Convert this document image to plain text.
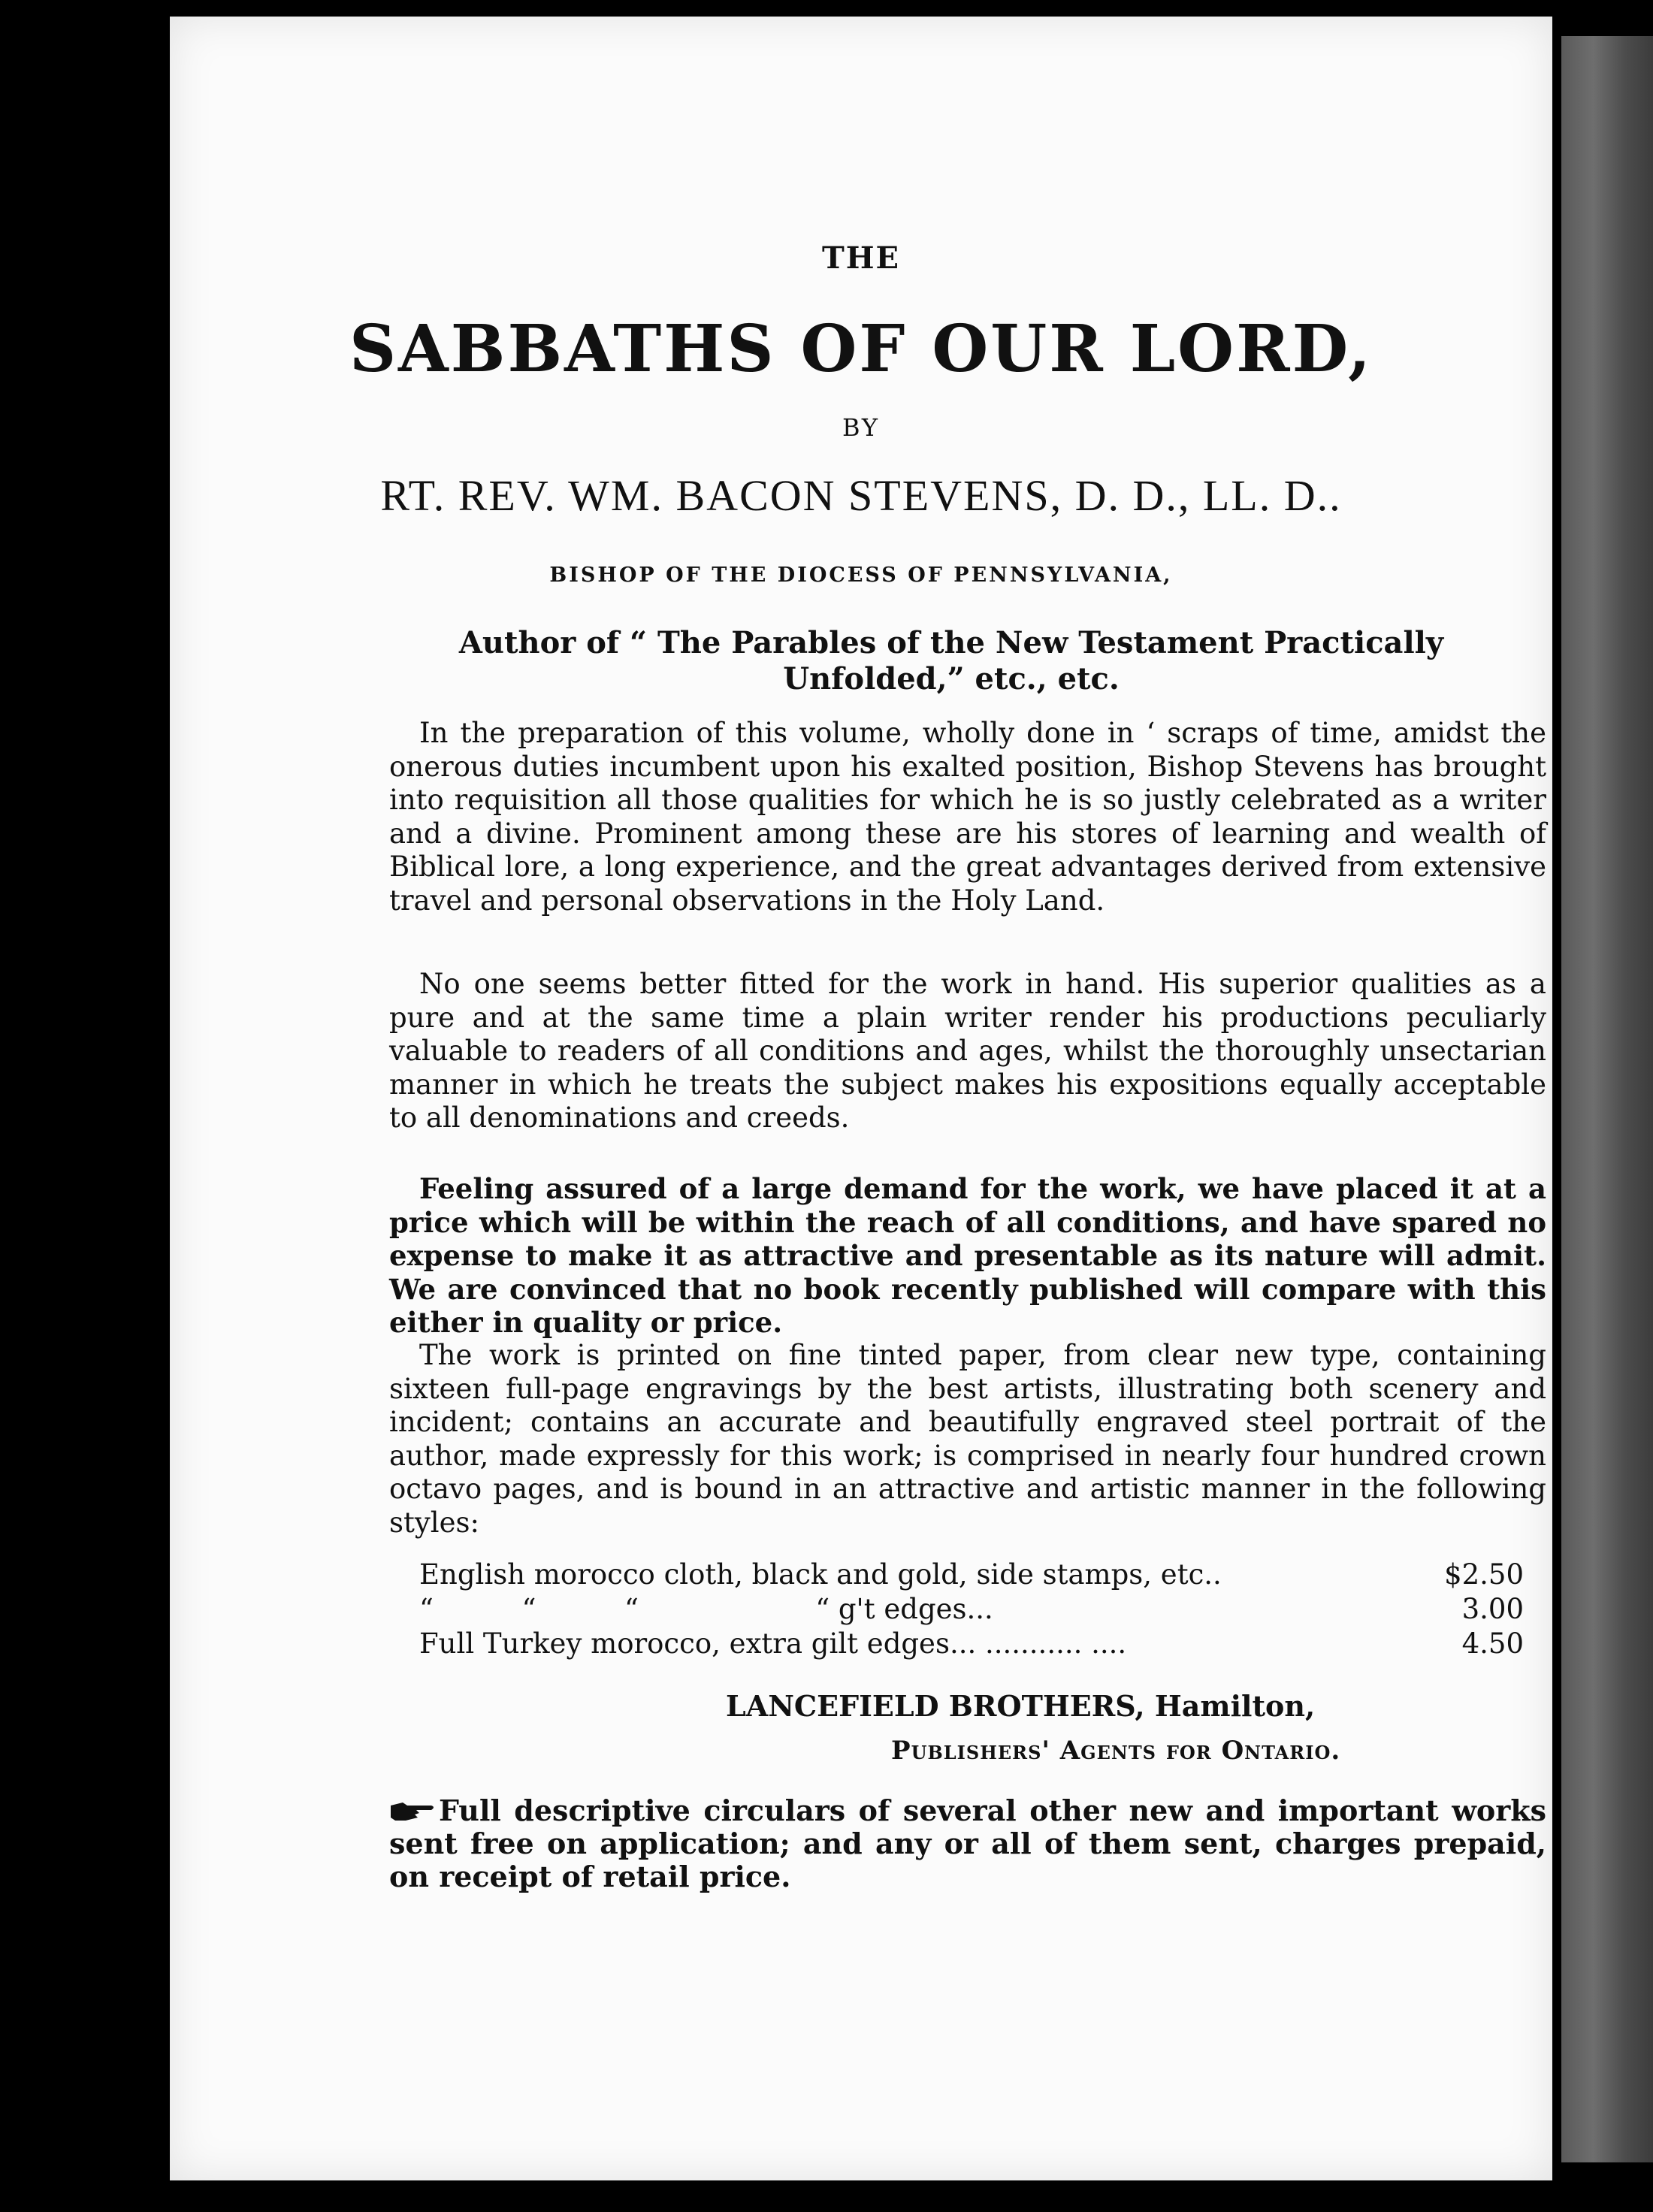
THE
SABBATHS OF OUR LORD,
BY
RT. REV. WM. BACON STEVENS, D. D., LL. D..
BISHOP OF THE DIOCESS OF PENNSYLVANIA,
Author of “ The Parables of the New Testament Practically Unfolded,” etc., etc.
In the preparation of this volume, wholly done in ‘ scraps of time, amidst the onerous duties incumbent upon his exalted position, Bishop Stevens has brought into requisition all those qualities for which he is so justly celebrated as a writer and a divine. Prominent among these are his stores of learning and wealth of Biblical lore, a long experience, and the great advantages derived from extensive travel and personal observations in the Holy Land.
No one seems better fitted for the work in hand. His superior qualities as a pure and at the same time a plain writer render his productions peculiarly valuable to readers of all conditions and ages, whilst the thoroughly unsectarian manner in which he treats the subject makes his expositions equally acceptable to all denominations and creeds.
Feeling assured of a large demand for the work, we have placed it at a price which will be within the reach of all conditions, and have spared no expense to make it as attractive and presentable as its nature will admit. We are convinced that no book recently published will compare with this either in quality or price.
The work is printed on fine tinted paper, from clear new type, containing sixteen full-page engravings by the best artists, illustrating both scenery and incident; contains an accurate and beautifully engraved steel portrait of the author, made expressly for this work; is comprised in nearly four hundred crown octavo pages, and is bound in an attractive and artistic manner in the following styles:
English morocco cloth, black and gold, side stamps, etc..	$2.50
“          “          “                    “ g't edges...	3.00
Full Turkey morocco, extra gilt edges... ........... ....	4.50
LANCEFIELD BROTHERS, Hamilton,
Publishers' Agents for Ontario.
Full descriptive circulars of several other new and important works sent free on application; and any or all of them sent, charges prepaid, on receipt of retail price.
